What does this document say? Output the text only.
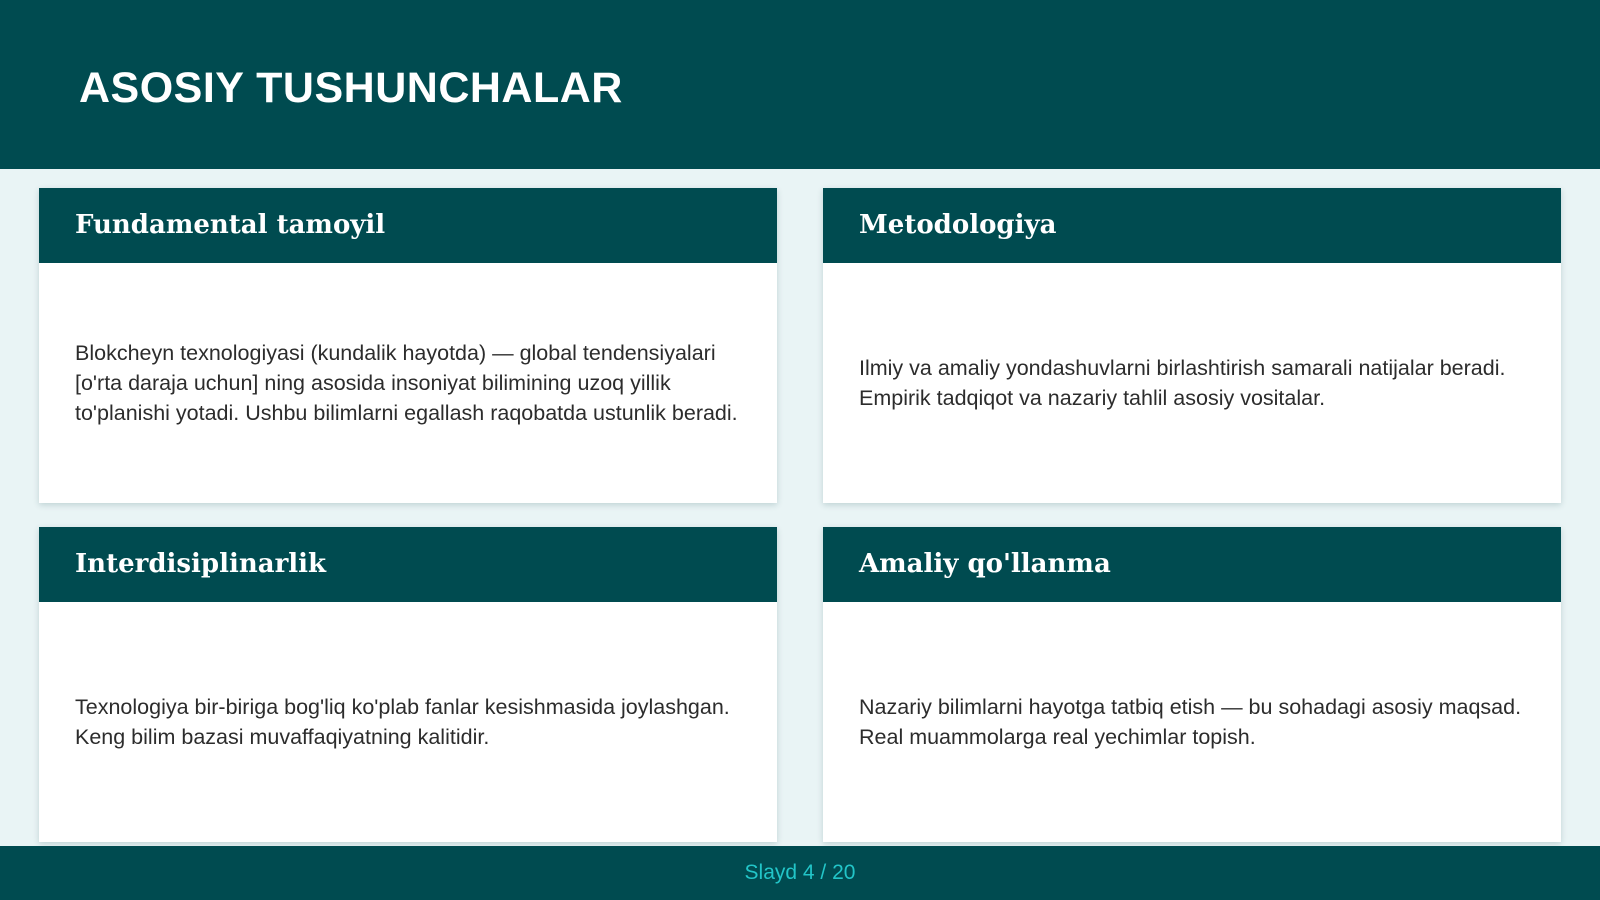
ASOSIY TUSHUNCHALAR
Fundamental tamoyil

Blokcheyn texnologiyasi (kundalik hayotda) — global tendensiyalari [o'rta daraja uchun] ning asosida insoniyat bilimining uzoq yillik to'planishi yotadi. Ushbu bilimlarni egallash raqobatda ustunlik beradi.

Metodologiya

Ilmiy va amaliy yondashuvlarni birlashtirish samarali natijalar beradi. Empirik tadqiqot va nazariy tahlil asosiy vositalar.

Interdisiplinarlik

Texnologiya bir-biriga bog'liq ko'plab fanlar kesishmasida joylashgan. Keng bilim bazasi muvaffaqiyatning kalitidir.

Amaliy qo'llanma

Nazariy bilimlarni hayotga tatbiq etish — bu sohadagi asosiy maqsad. Real muammolarga real yechimlar topish.

Slayd 4 / 20
